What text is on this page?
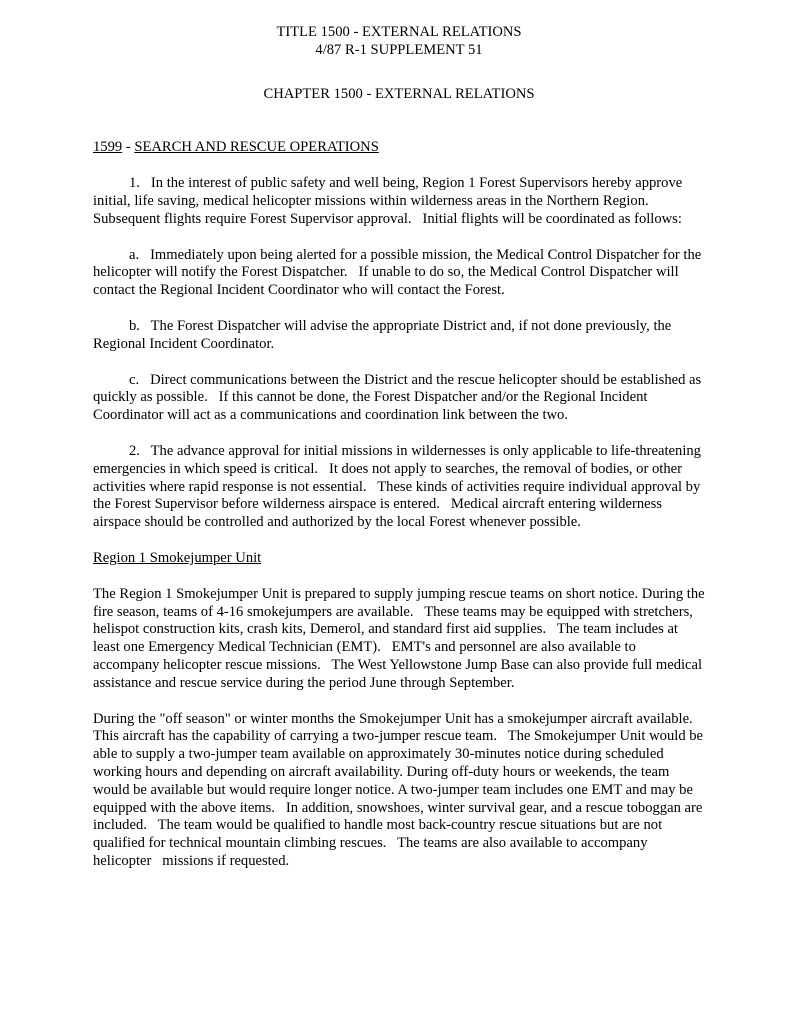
TITLE 1500 - EXTERNAL RELATIONS
4/87 R-1 SUPPLEMENT 51
CHAPTER 1500 - EXTERNAL RELATIONS
1599 - SEARCH AND RESCUE OPERATIONS

1.   In the interest of public safety and well being, Region 1 Forest Supervisors hereby approve initial, life saving, medical helicopter missions within wilderness areas in the Northern Region.   Subsequent flights require Forest Supervisor approval.   Initial flights will be coordinated as follows:

a.   Immediately upon being alerted for a possible mission, the Medical Control Dispatcher for the helicopter will notify the Forest Dispatcher.   If unable to do so, the Medical Control Dispatcher will contact the Regional Incident Coordinator who will contact the Forest.

b.   The Forest Dispatcher will advise the appropriate District and, if not done previously, the Regional Incident Coordinator.

c.   Direct communications between the District and the rescue helicopter should be established as quickly as possible.   If this cannot be done, the Forest Dispatcher and/or the Regional Incident Coordinator will act as a communications and coordination link between the two.

2.   The advance approval for initial missions in wildernesses is only applicable to life-threatening emergencies in which speed is critical.   It does not apply to searches, the removal of bodies, or other activities where rapid response is not essential.   These kinds of activities require individual approval by the Forest Supervisor before wilderness airspace is entered.   Medical aircraft entering wilderness airspace should be controlled and authorized by the local Forest whenever possible.

Region 1 Smokejumper Unit

The Region 1 Smokejumper Unit is prepared to supply jumping rescue teams on short notice. During the fire season, teams of 4-16 smokejumpers are available.   These teams may be equipped with stretchers, helispot construction kits, crash kits, Demerol, and standard first aid supplies.   The team includes at least one Emergency Medical Technician (EMT).   EMT's and personnel are also available to accompany helicopter rescue missions.   The West Yellowstone Jump Base can also provide full medical assistance and rescue service during the period June through September.

During the "off season" or winter months the Smokejumper Unit has a smokejumper aircraft available.   This aircraft has the capability of carrying a two-jumper rescue team.   The Smokejumper Unit would be able to supply a two-jumper team available on approximately 30-minutes notice during scheduled working hours and depending on aircraft availability. During off-duty hours or weekends, the team would be available but would require longer notice. A two-jumper team includes one EMT and may be equipped with the above items.   In addition, snowshoes, winter survival gear, and a rescue toboggan are included.   The team would be qualified to handle most back-country rescue situations but are not qualified for technical mountain climbing rescues.   The teams are also available to accompany helicopter   missions if requested.
